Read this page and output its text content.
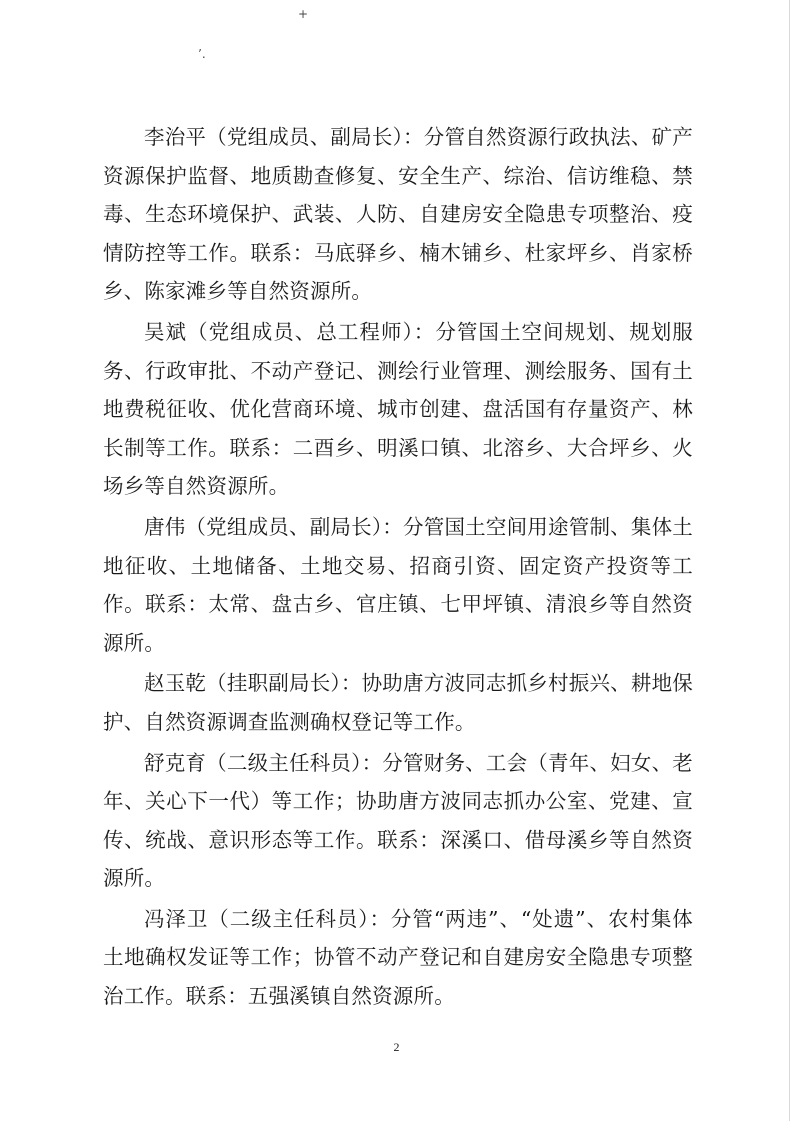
+
’.

李治平（党组成员、副局长）：分管自然资源行政执法、矿产资源保护监督、地质勘查修复、安全生产、综治、信访维稳、禁毒、生态环境保护、武装、人防、自建房安全隐患专项整治、疫情防控等工作。联系：马底驿乡、楠木铺乡、杜家坪乡、肖家桥乡、陈家滩乡等自然资源所。

吴斌（党组成员、总工程师）：分管国土空间规划、规划服务、行政审批、不动产登记、测绘行业管理、测绘服务、国有土地费税征收、优化营商环境、城市创建、盘活国有存量资产、林长制等工作。联系：二酉乡、明溪口镇、北溶乡、大合坪乡、火场乡等自然资源所。

唐伟（党组成员、副局长）：分管国土空间用途管制、集体土地征收、土地储备、土地交易、招商引资、固定资产投资等工作。联系：太常、盘古乡、官庄镇、七甲坪镇、清浪乡等自然资源所。

赵玉乾（挂职副局长）：协助唐方波同志抓乡村振兴、耕地保护、自然资源调查监测确权登记等工作。

舒克育（二级主任科员）：分管财务、工会（青年、妇女、老年、关心下一代）等工作；协助唐方波同志抓办公室、党建、宣传、统战、意识形态等工作。联系：深溪口、借母溪乡等自然资源所。

冯泽卫（二级主任科员）：分管“两违”、“处遗”、农村集体土地确权发证等工作；协管不动产登记和自建房安全隐患专项整治工作。联系：五强溪镇自然资源所。

2
